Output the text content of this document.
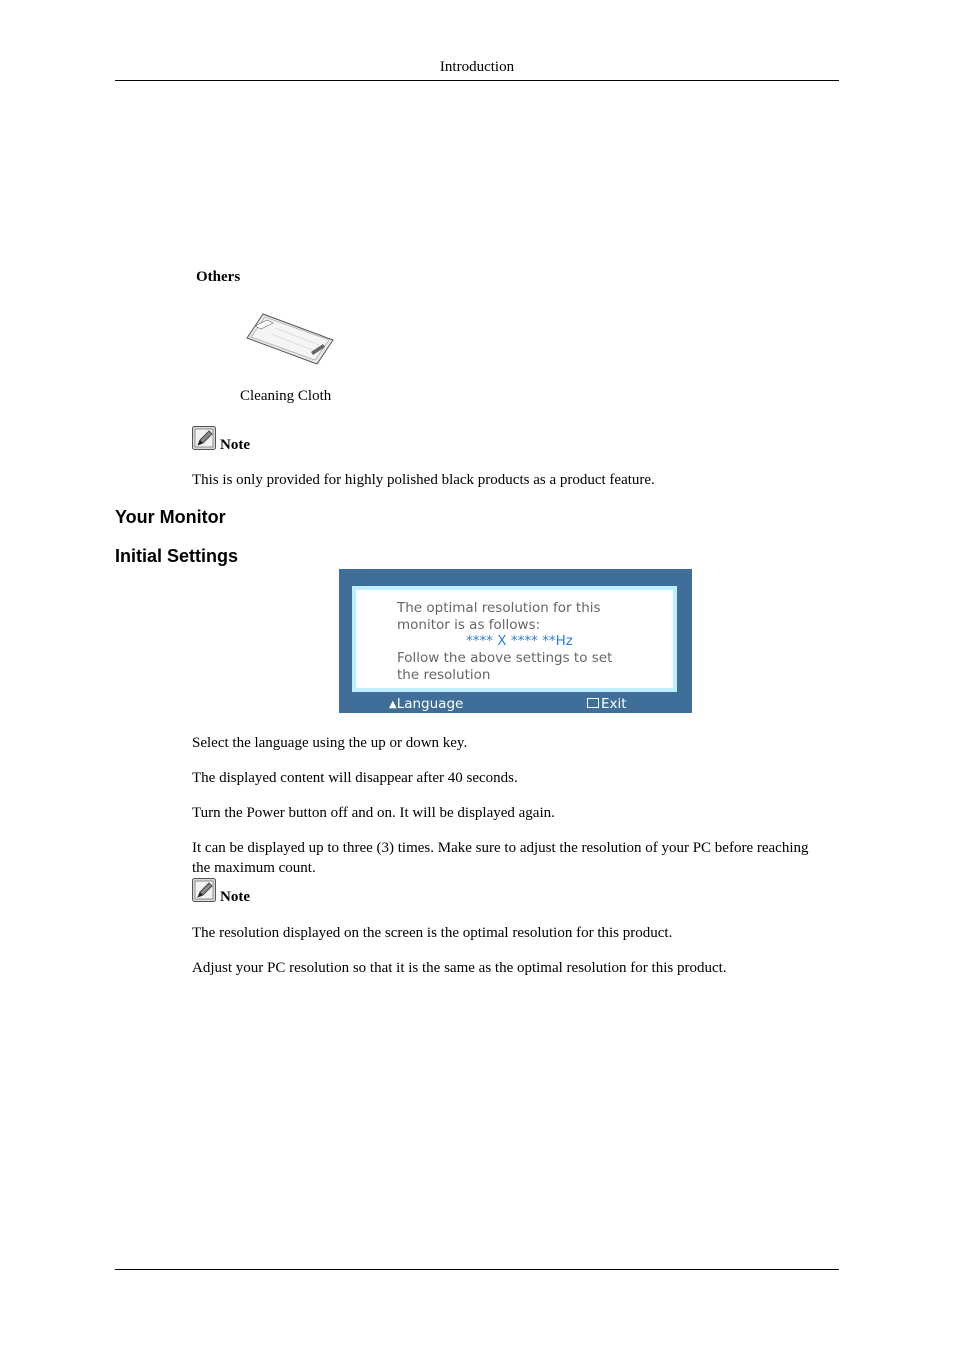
Introduction
Others
Cleaning Cloth
Note
This is only provided for highly polished black products as a product feature.
Your Monitor
Initial Settings
The optimal resolution for this
monitor is as follows:
**** X **** **Hz
Follow the above settings to set
the resolution
▲︎Language	Exit
Select the language using the up or down key.
The displayed content will disappear after 40 seconds.
Turn the Power button off and on. It will be displayed again.
It can be displayed up to three (3) times. Make sure to adjust the resolution of your PC before reaching
the maximum count.
Note
The resolution displayed on the screen is the optimal resolution for this product.
Adjust your PC resolution so that it is the same as the optimal resolution for this product.
